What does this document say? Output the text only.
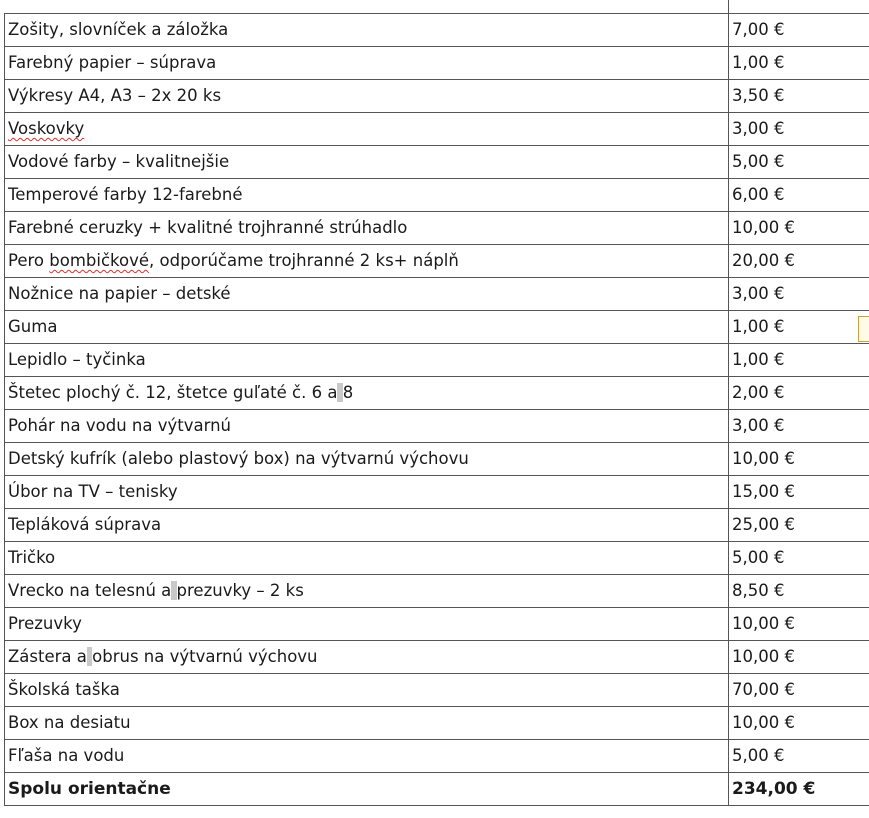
Zošity, slovníček a záložka	7,00 €
Farebný papier – súprava	1,00 €
Výkresy A4, A3 – 2x 20 ks	3,50 €
Voskovky	3,00 €
Vodové farby – kvalitnejšie	5,00 €
Temperové farby 12-farebné	6,00 €
Farebné ceruzky + kvalitné trojhranné strúhadlo	10,00 €
Pero bombičkové, odporúčame trojhranné 2 ks+ náplň	20,00 €
Nožnice na papier – detské	3,00 €
Guma	1,00 €
Lepidlo – tyčinka	1,00 €
Štetec plochý č. 12, štetce guľaté č. 6 a 8	2,00 €
Pohár na vodu na výtvarnú	3,00 €
Detský kufrík (alebo plastový box) na výtvarnú výchovu	10,00 €
Úbor na TV – tenisky	15,00 €
Tepláková súprava	25,00 €
Tričko	5,00 €
Vrecko na telesnú a prezuvky – 2 ks	8,50 €
Prezuvky	10,00 €
Zástera a obrus na výtvarnú výchovu	10,00 €
Školská taška	70,00 €
Box na desiatu	10,00 €
Fľaša na vodu	5,00 €
Spolu orientačne	234,00 €
